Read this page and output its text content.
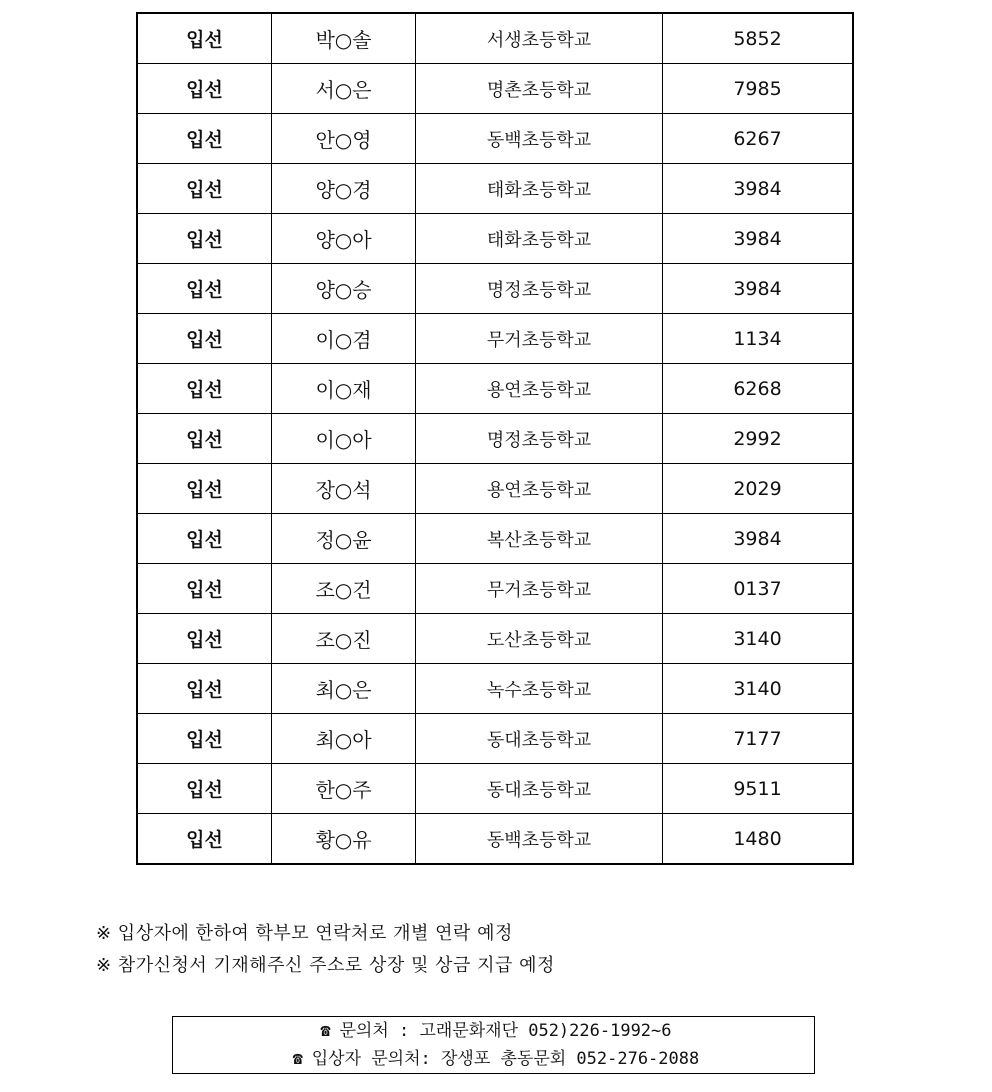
입선	박○솔	서생초등학교	5852
입선	서○은	명촌초등학교	7985
입선	안○영	동백초등학교	6267
입선	양○경	태화초등학교	3984
입선	양○아	태화초등학교	3984
입선	양○승	명정초등학교	3984
입선	이○겸	무거초등학교	1134
입선	이○재	용연초등학교	6268
입선	이○아	명정초등학교	2992
입선	장○석	용연초등학교	2029
입선	정○윤	복산초등학교	3984
입선	조○건	무거초등학교	0137
입선	조○진	도산초등학교	3140
입선	최○은	녹수초등학교	3140
입선	최○아	동대초등학교	7177
입선	한○주	동대초등학교	9511
입선	황○유	동백초등학교	1480
※ 입상자에 한하여 학부모 연락처로 개별 연락 예정
※ 참가신청서 기재해주신 주소로 상장 및 상금 지급 예정
☎ 문의처 : 고래문화재단 052)226-1992~6
☎ 입상자 문의처: 장생포 총동문회 052-276-2088
